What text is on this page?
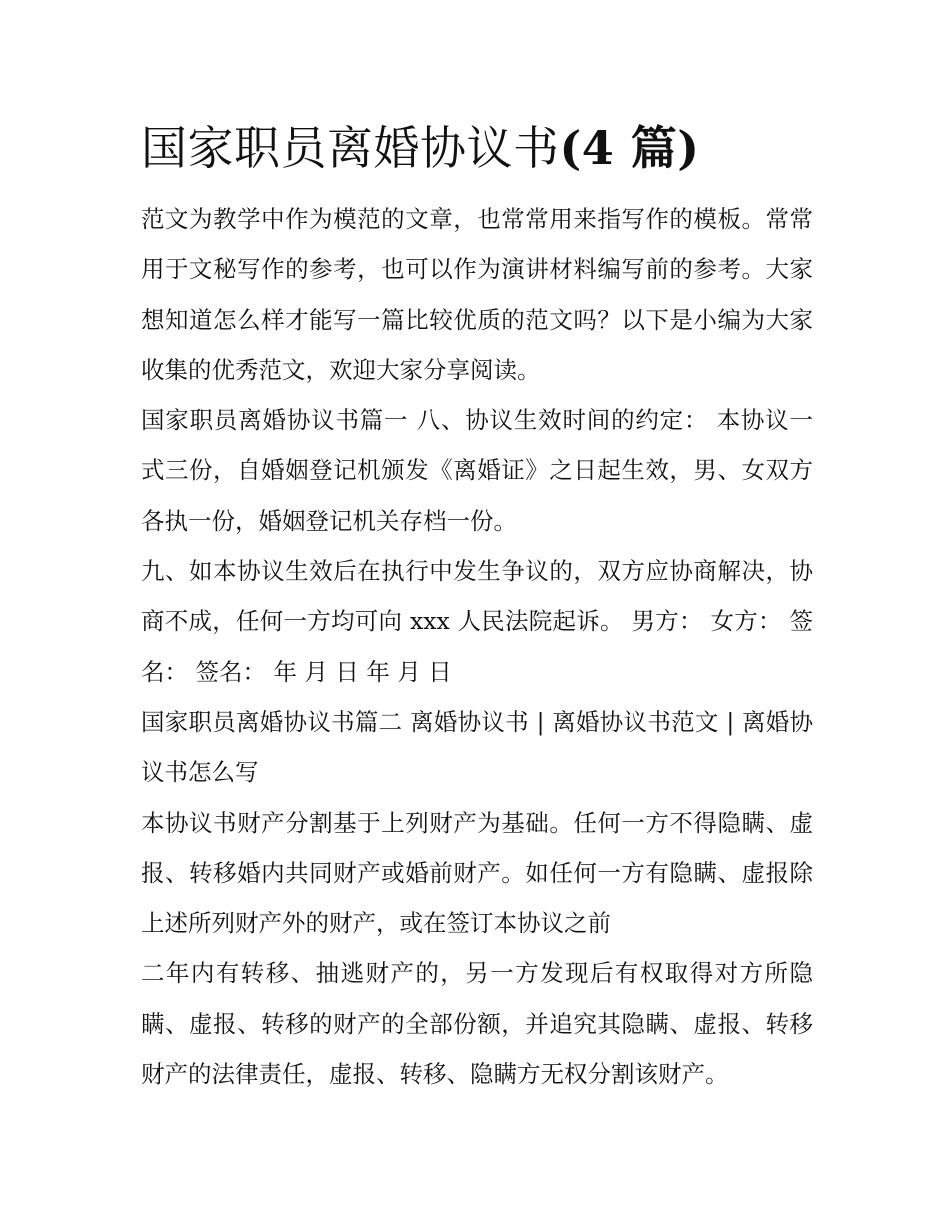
国家职员离婚协议书(4 篇)

范文为教学中作为模范的文章，也常常用来指写作的模板。常常用于文秘写作的参考，也可以作为演讲材料编写前的参考。大家想知道怎么样才能写一篇比较优质的范文吗？以下是小编为大家收集的优秀范文，欢迎大家分享阅读。

国家职员离婚协议书篇一 八、协议生效时间的约定： 本协议一式三份，自婚姻登记机颁发《离婚证》之日起生效，男、女双方各执一份，婚姻登记机关存档一份。

九、如本协议生效后在执行中发生争议的，双方应协商解决，协商不成，任何一方均可向 xxx 人民法院起诉。 男方： 女方： 签名： 签名： 年 月 日 年 月 日

国家职员离婚协议书篇二 离婚协议书 | 离婚协议书范文 | 离婚协议书怎么写

本协议书财产分割基于上列财产为基础。任何一方不得隐瞒、虚报、转移婚内共同财产或婚前财产。如任何一方有隐瞒、虚报除上述所列财产外的财产，或在签订本协议之前

二年内有转移、抽逃财产的，另一方发现后有权取得对方所隐瞒、虚报、转移的财产的全部份额，并追究其隐瞒、虚报、转移财产的法律责任，虚报、转移、隐瞒方无权分割该财产。
